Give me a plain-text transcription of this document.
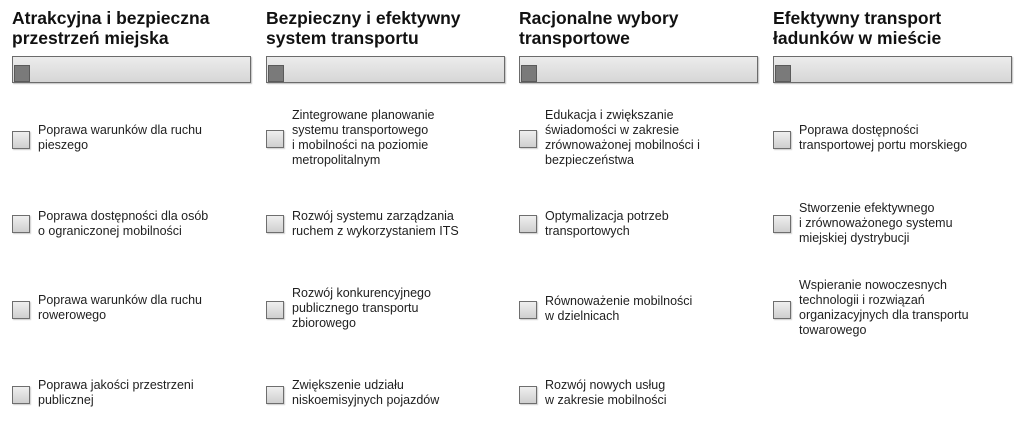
Atrakcyjna i bezpieczna
przestrzeń miejska
Poprawa warunków dla ruchu
pieszego
Poprawa dostępności dla osób
o ograniczonej mobilności
Poprawa warunków dla ruchu
rowerowego
Poprawa jakości przestrzeni
publicznej
Bezpieczny i efektywny
system transportu
Zintegrowane planowanie
systemu transportowego
i mobilności na poziomie
metropolitalnym
Rozwój systemu zarządzania
ruchem z wykorzystaniem ITS
Rozwój konkurencyjnego
publicznego transportu
zbiorowego
Zwiększenie udziału
niskoemisyjnych pojazdów
Racjonalne wybory
transportowe
Edukacja i zwiększanie
świadomości w zakresie
zrównoważonej mobilności i
bezpieczeństwa
Optymalizacja potrzeb
transportowych
Równoważenie mobilności
w dzielnicach
Rozwój nowych usług
w zakresie mobilności
Efektywny transport
ładunków w mieście
Poprawa dostępności
transportowej portu morskiego
Stworzenie efektywnego
i zrównoważonego systemu
miejskiej dystrybucji
Wspieranie nowoczesnych
technologii i rozwiązań
organizacyjnych dla transportu
towarowego
